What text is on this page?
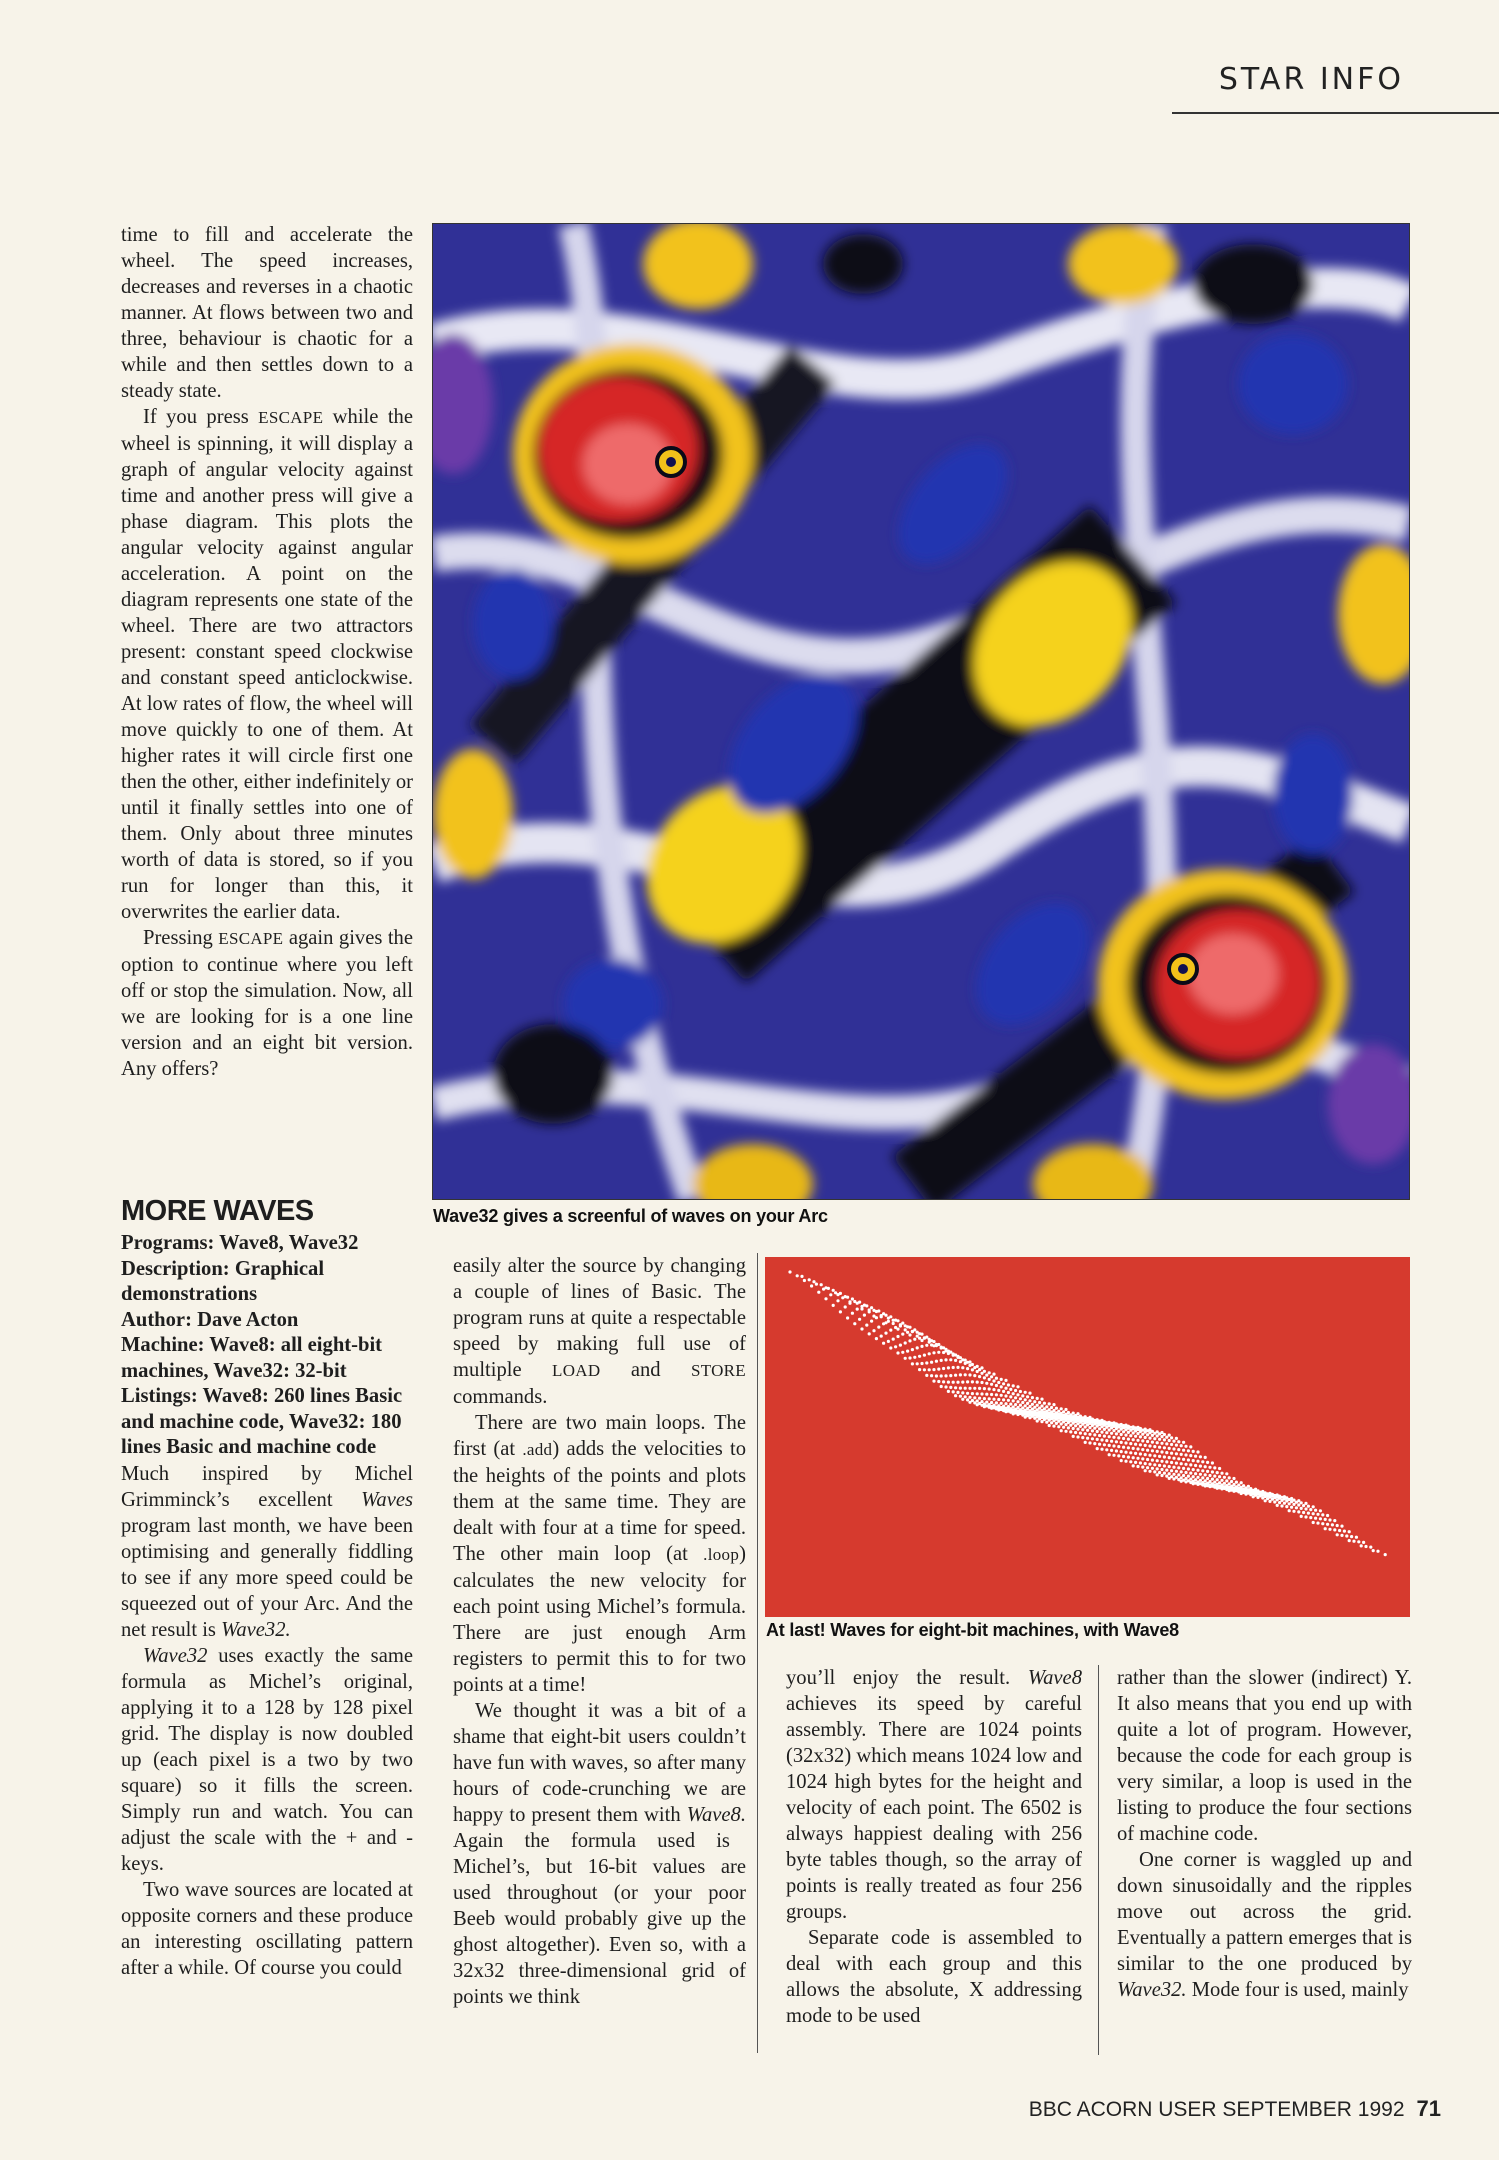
STAR INFO

time to fill and accelerate the wheel. The speed increases, decreases and reverses in a chaotic manner. At flows between two and three, behaviour is chaotic for a while and then settles down to a steady state.

If you press ESCAPE while the wheel is spinning, it will display a graph of angular velocity against time and another press will give a phase diagram. This plots the angular velocity against angular acceleration. A point on the diagram represents one state of the wheel. There are two attractors present: constant speed clockwise and constant speed anticlockwise. At low rates of flow, the wheel will move quickly to one of them. At higher rates it will circle first one then the other, either indefinitely or until it finally settles into one of them. Only about three minutes worth of data is stored, so if you run for longer than this, it overwrites the earlier data.

Pressing ESCAPE again gives the option to continue where you left off or stop the simulation. Now, all we are looking for is a one line version and an eight bit version. Any offers?

MORE WAVES
Programs: Wave8, Wave32
Description: Graphical demonstrations
Author: Dave Acton
Machine: Wave8: all eight-bit machines, Wave32: 32-bit
Listings: Wave8: 260 lines Basic and machine code, Wave32: 180 lines Basic and machine code

Much inspired by Michel Grimminck’s excellent Waves program last month, we have been optimising and generally fiddling to see if any more speed could be squeezed out of your Arc. And the net result is Wave32.

Wave32 uses exactly the same formula as Michel’s original, applying it to a 128 by 128 pixel grid. The display is now doubled up (each pixel is a two by two square) so it fills the screen. Simply run and watch. You can adjust the scale with the + and - keys.

Two wave sources are located at opposite corners and these produce an interesting oscillating pattern after a while. Of course you could

Wave32 gives a screenful of waves on your Arc

easily alter the source by changing a couple of lines of Basic. The program runs at quite a respectable speed by making full use of multiple LOAD and STORE commands.

There are two main loops. The first (at .add) adds the velocities to the heights of the points and plots them at the same time. They are dealt with four at a time for speed. The other main loop (at .loop) calculates the new velocity for each point using Michel’s formula. There are just enough Arm registers to permit this to for two points at a time!

We thought it was a bit of a shame that eight-bit users couldn’t have fun with waves, so after many hours of code-crunching we are happy to present them with Wave8. Again the formula used is Michel’s, but 16-bit values are used throughout (or your poor Beeb would probably give up the ghost altogether). Even so, with a 32x32 three-dimensional grid of points we think

At last! Waves for eight-bit machines, with Wave8

you’ll enjoy the result. Wave8 achieves its speed by careful assembly. There are 1024 points (32x32) which means 1024 low and 1024 high bytes for the height and velocity of each point. The 6502 is always happiest dealing with 256 byte tables though, so the array of points is really treated as four 256 groups.

Separate code is assembled to deal with each group and this allows the absolute, X addressing mode to be used

rather than the slower (indirect) Y. It also means that you end up with quite a lot of program. However, because the code for each group is very similar, a loop is used in the listing to produce the four sections of machine code.

One corner is waggled up and down sinusoidally and the ripples move out across the grid. Eventually a pattern emerges that is similar to the one produced by Wave32. Mode four is used, mainly

BBC ACORN USER SEPTEMBER 1992 71
